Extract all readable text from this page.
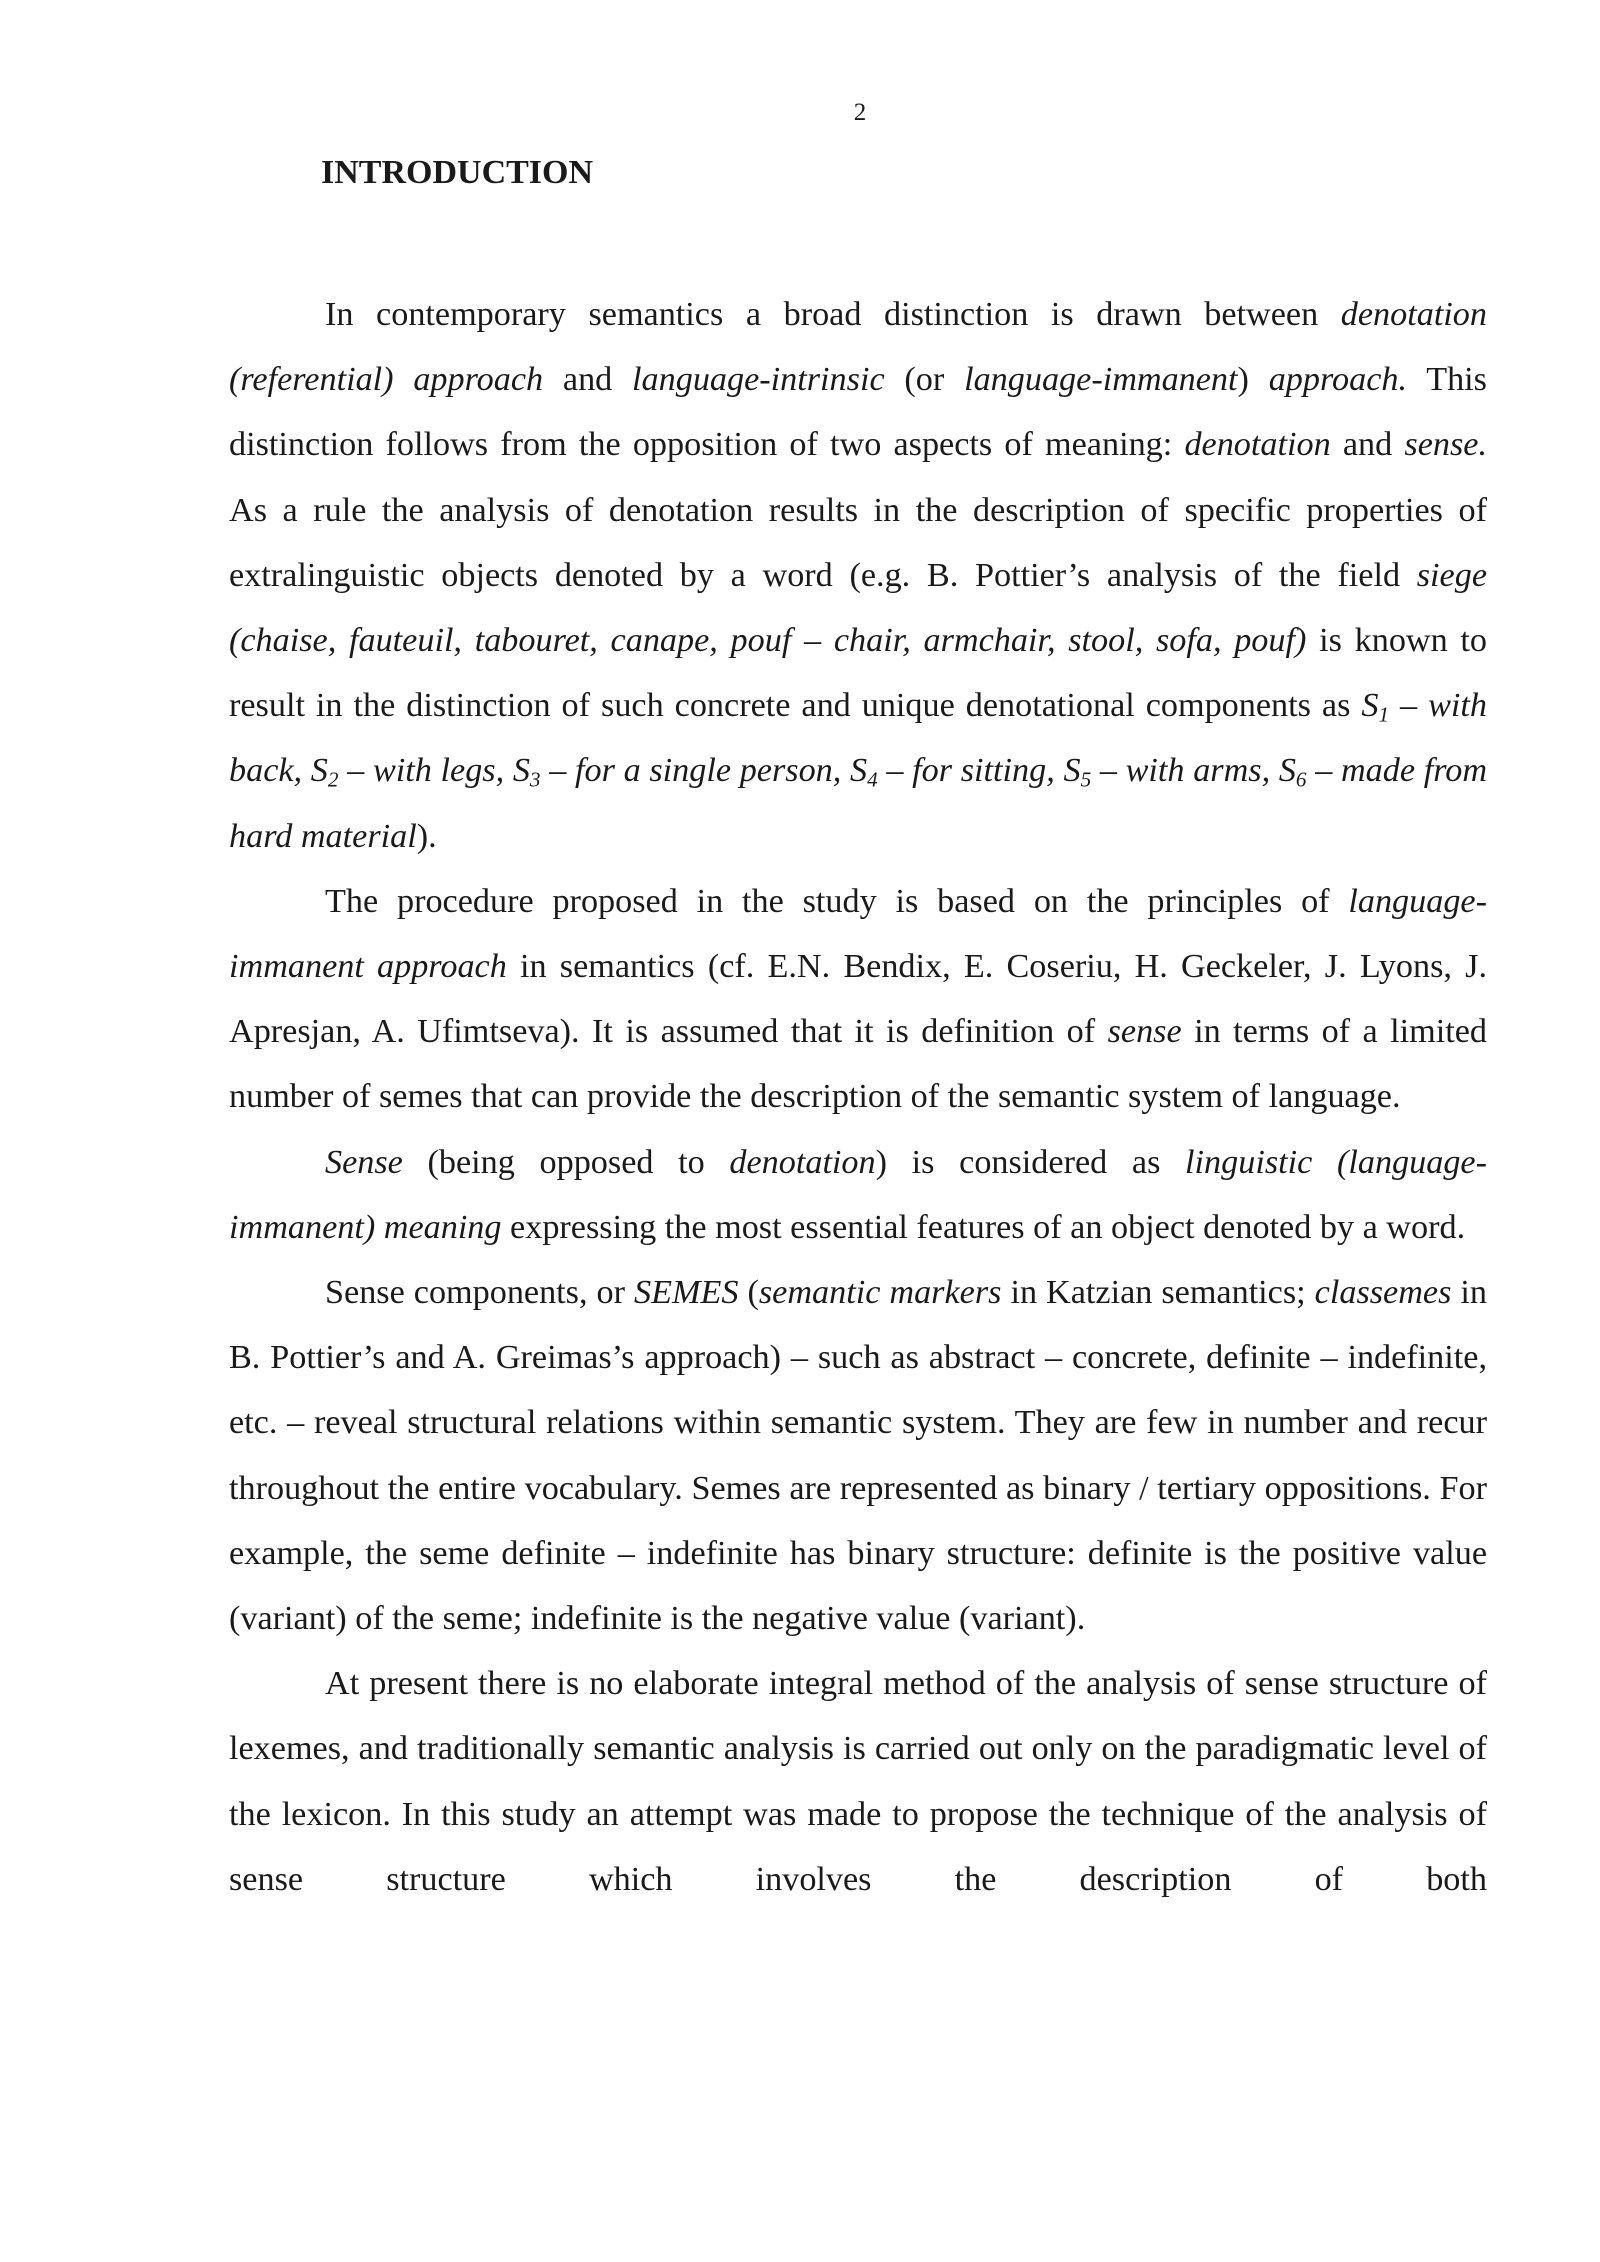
2
INTRODUCTION

In contemporary semantics a broad distinction is drawn between denotation (referential) approach and language-intrinsic (or language-immanent) approach. This distinction follows from the opposition of two aspects of meaning: denotation and sense. As a rule the analysis of denotation results in the description of specific properties of extralinguistic objects denoted by a word (e.g. B. Pottier’s analysis of the field siege (chaise, fauteuil, tabouret, canape, pouf – chair, armchair, stool, sofa, pouf) is known to result in the distinction of such concrete and unique denotational components as $S_1$ – with back, $S_2$ – with legs, $S_3$ – for a single person, $S_4$ – for sitting, $S_5$ – with arms, $S_6$ – made from hard material).

The procedure proposed in the study is based on the principles of language-immanent approach in semantics (cf. E.N. Bendix, E. Coseriu, H. Geckeler, J. Lyons, J. Apresjan, A. Ufimtseva). It is assumed that it is definition of sense in terms of a limited number of semes that can provide the description of the semantic system of language.

Sense (being opposed to denotation) is considered as linguistic (language-immanent) meaning expressing the most essential features of an object denoted by a word.

Sense components, or SEMES (semantic markers in Katzian semantics; classemes in B. Pottier’s and A. Greimas’s approach) – such as abstract – concrete, definite – indefinite, etc. – reveal structural relations within semantic system. They are few in number and recur throughout the entire vocabulary. Semes are represented as binary / tertiary oppositions. For example, the seme definite – indefinite has binary structure: definite is the positive value (variant) of the seme; indefinite is the negative value (variant).

At present there is no elaborate integral method of the analysis of sense structure of lexemes, and traditionally semantic analysis is carried out only on the paradigmatic level of the lexicon. In this study an attempt was made to propose the technique of the analysis of sense structure which involves the description of both
